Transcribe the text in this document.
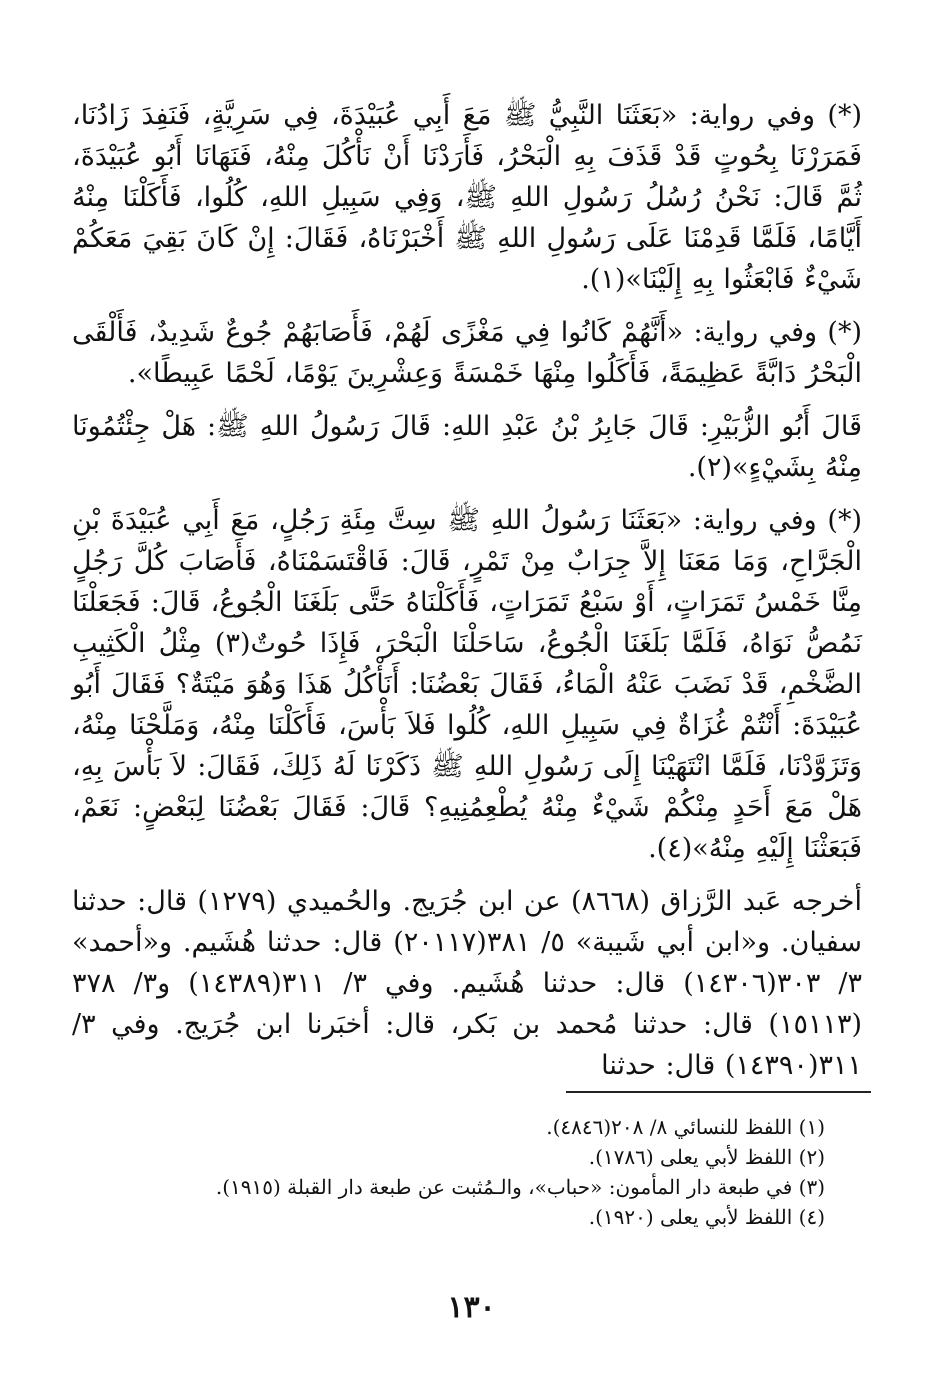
(*) وفي رواية: «بَعَثَنَا النَّبِيُّ ﷺ مَعَ أَبِي عُبَيْدَةَ، فِي سَرِيَّةٍ، فَنَفِدَ زَادُنَا، فَمَرَرْنَا بِحُوتٍ قَدْ قَذَفَ بِهِ الْبَحْرُ، فَأَرَدْنَا أَنْ نَأْكُلَ مِنْهُ، فَنَهَانَا أَبُو عُبَيْدَةَ، ثُمَّ قَالَ: نَحْنُ رُسُلُ رَسُولِ اللهِ ﷺ، وَفِي سَبِيلِ اللهِ، كُلُوا، فَأَكَلْنَا مِنْهُ أَيَّامًا، فَلَمَّا قَدِمْنَا عَلَى رَسُولِ اللهِ ﷺ أَخْبَرْنَاهُ، فَقَالَ: إِنْ كَانَ بَقِيَ مَعَكُمْ شَيْءٌ فَابْعَثُوا بِهِ إِلَيْنَا»(١).

(*) وفي رواية: «أَنَّهُمْ كَانُوا فِي مَغْزًى لَهُمْ، فَأَصَابَهُمْ جُوعٌ شَدِيدٌ، فَأَلْقَى الْبَحْرُ دَابَّةً عَظِيمَةً، فَأَكَلُوا مِنْهَا خَمْسَةً وَعِشْرِينَ يَوْمًا، لَحْمًا عَبِيطًا».

قَالَ أَبُو الزُّبَيْرِ: قَالَ جَابِرُ بْنُ عَبْدِ اللهِ: قَالَ رَسُولُ اللهِ ﷺ: هَلْ جِئْتُمُونَا مِنْهُ بِشَيْءٍ»(٢).

(*) وفي رواية: «بَعَثَنَا رَسُولُ اللهِ ﷺ سِتَّ مِئَةِ رَجُلٍ، مَعَ أَبِي عُبَيْدَةَ بْنِ الْجَرَّاحِ، وَمَا مَعَنَا إِلاَّ جِرَابٌ مِنْ تَمْرٍ، قَالَ: فَاقْتَسَمْنَاهُ، فَأَصَابَ كُلَّ رَجُلٍ مِنَّا خَمْسُ تَمَرَاتٍ، أَوْ سَبْعُ تَمَرَاتٍ، فَأَكَلْنَاهُ حَتَّى بَلَغَنَا الْجُوعُ، قَالَ: فَجَعَلْنَا نَمُصُّ نَوَاهُ، فَلَمَّا بَلَغَنَا الْجُوعُ، سَاحَلْنَا الْبَحْرَ، فَإِذَا حُوتٌ(٣) مِثْلُ الْكَثِيبِ الضَّخْمِ، قَدْ نَضَبَ عَنْهُ الْمَاءُ، فَقَالَ بَعْضُنَا: أَنَأْكُلُ هَذَا وَهُوَ مَيْتَةٌ؟ فَقَالَ أَبُو عُبَيْدَةَ: أَنْتُمْ غُزَاةٌ فِي سَبِيلِ اللهِ، كُلُوا فَلاَ بَأْسَ، فَأَكَلْنَا مِنْهُ، وَمَلَّحْنَا مِنْهُ، وَتَزَوَّدْنَا، فَلَمَّا انْتَهَيْنَا إِلَى رَسُولِ اللهِ ﷺ ذَكَرْنَا لَهُ ذَلِكَ، فَقَالَ: لاَ بَأْسَ بِهِ، هَلْ مَعَ أَحَدٍ مِنْكُمْ شَيْءٌ مِنْهُ يُطْعِمُنِيهِ؟ قَالَ: فَقَالَ بَعْضُنَا لِبَعْضٍ: نَعَمْ، فَبَعَثْنَا إِلَيْهِ مِنْهُ»(٤).

أخرجه عَبد الرَّزاق (٨٦٦٨) عن ابن جُرَيج. والحُميدي (١٢٧٩) قال: حدثنا سفيان. و«ابن أبي شَيبة» ٥/ ٣٨١(٢٠١١٧) قال: حدثنا هُشَيم. و«أحمد» ٣/ ٣٠٣(١٤٣٠٦) قال: حدثنا هُشَيم. وفي ٣/ ٣١١(١٤٣٨٩) و٣/ ٣٧٨ (١٥١١٣) قال: حدثنا مُحمد بن بَكر، قال: أخبَرنا ابن جُرَيج. وفي ٣/ ٣١١(١٤٣٩٠) قال: حدثنا

(١) اللفظ للنسائي ٨/ ٢٠٨(٤٨٤٦).

(٢) اللفظ لأبي يعلى (١٧٨٦).

(٣) في طبعة دار المأمون: «حباب»، والـمُثبت عن طبعة دار القبلة (١٩١٥).

(٤) اللفظ لأبي يعلى (١٩٢٠).

١٣٠
